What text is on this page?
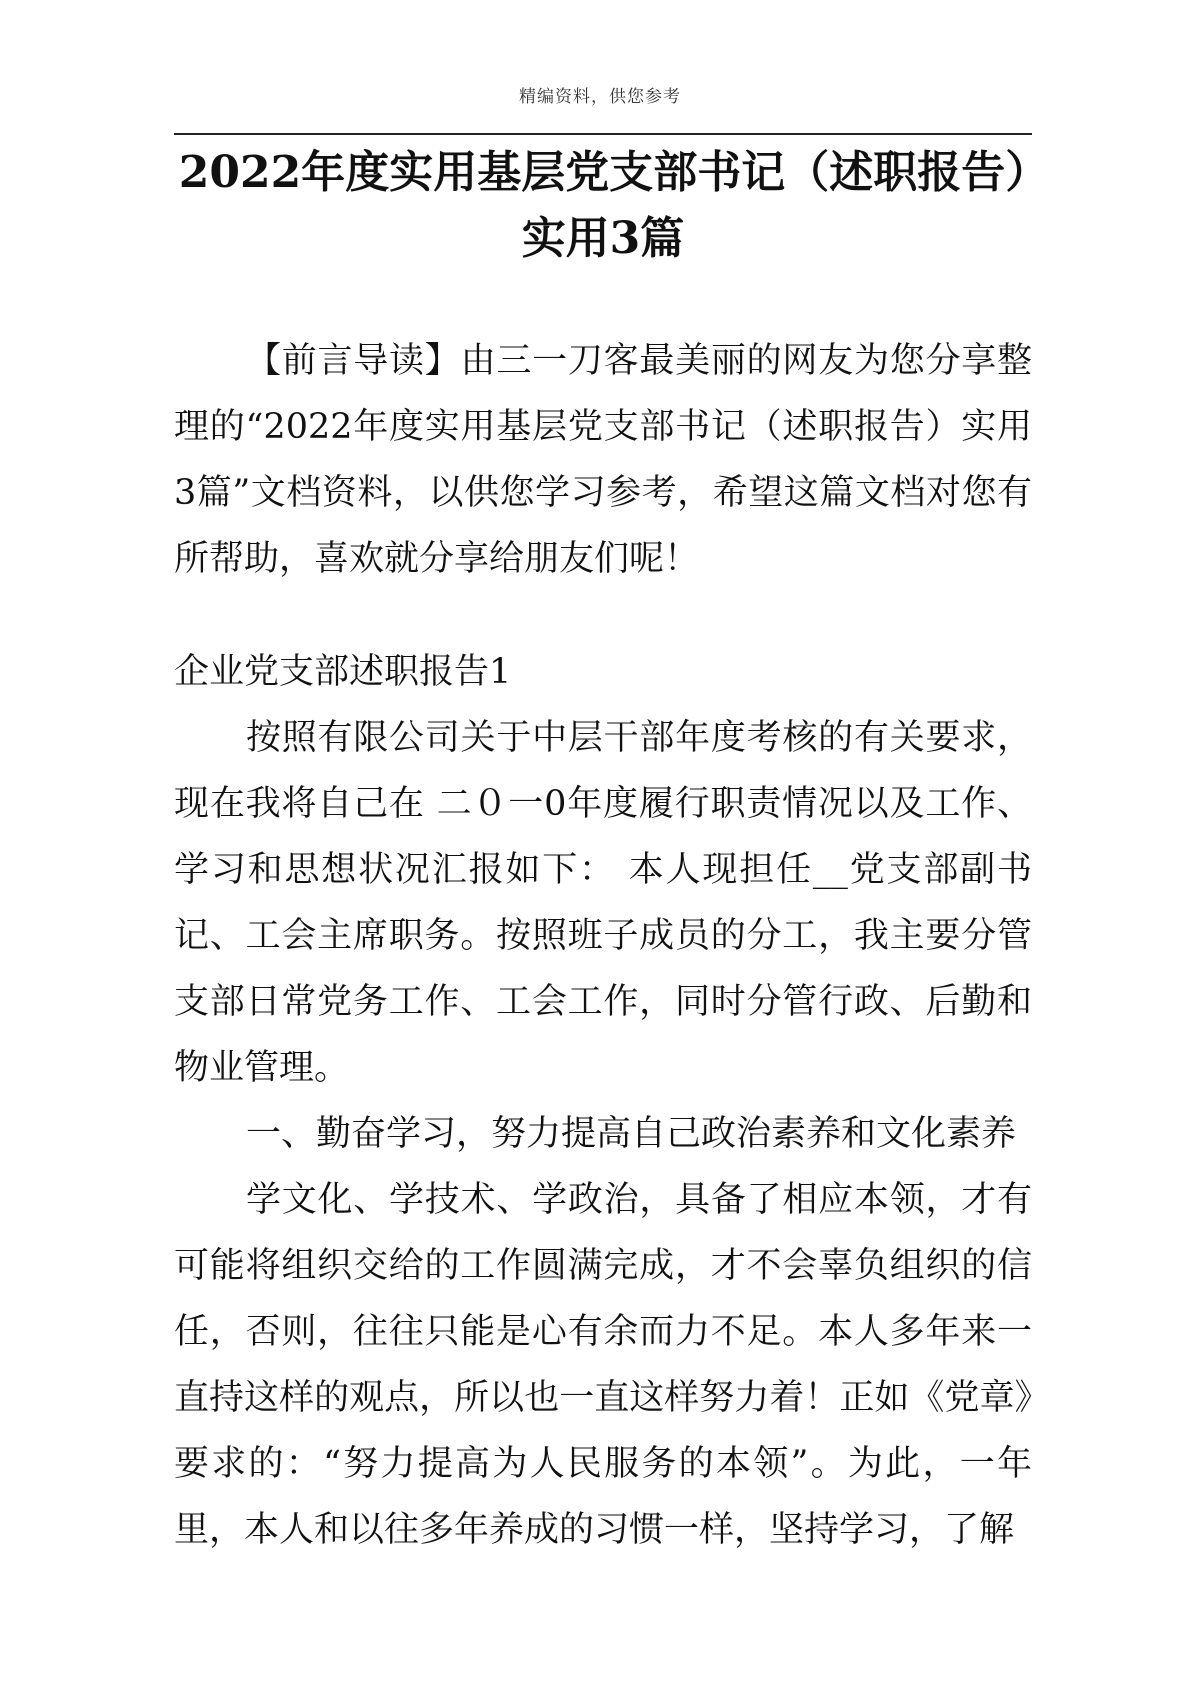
精编资料，供您参考
2022年度实用基层党支部书记（述职报告）实用3篇

【前言导读】由三一刀客最美丽的网友为您分享整理的“2022年度实用基层党支部书记（述职报告）实用3篇”文档资料，以供您学习参考，希望这篇文档对您有所帮助，喜欢就分享给朋友们呢！

企业党支部述职报告1

按照有限公司关于中层干部年度考核的有关要求，现在我将自己在 二０一0年度履行职责情况以及工作、学习和思想状况汇报如下： 本人现担任__党支部副书记、工会主席职务。按照班子成员的分工，我主要分管支部日常党务工作、工会工作，同时分管行政、后勤和物业管理。

一、勤奋学习，努力提高自己政治素养和文化素养

学文化、学技术、学政治，具备了相应本领，才有可能将组织交给的工作圆满完成，才不会辜负组织的信任，否则，往往只能是心有余而力不足。本人多年来一直持这样的观点，所以也一直这样努力着！正如《党章》要求的：“努力提高为人民服务的本领”。为此，一年里，本人和以往多年养成的习惯一样，坚持学习，了解
